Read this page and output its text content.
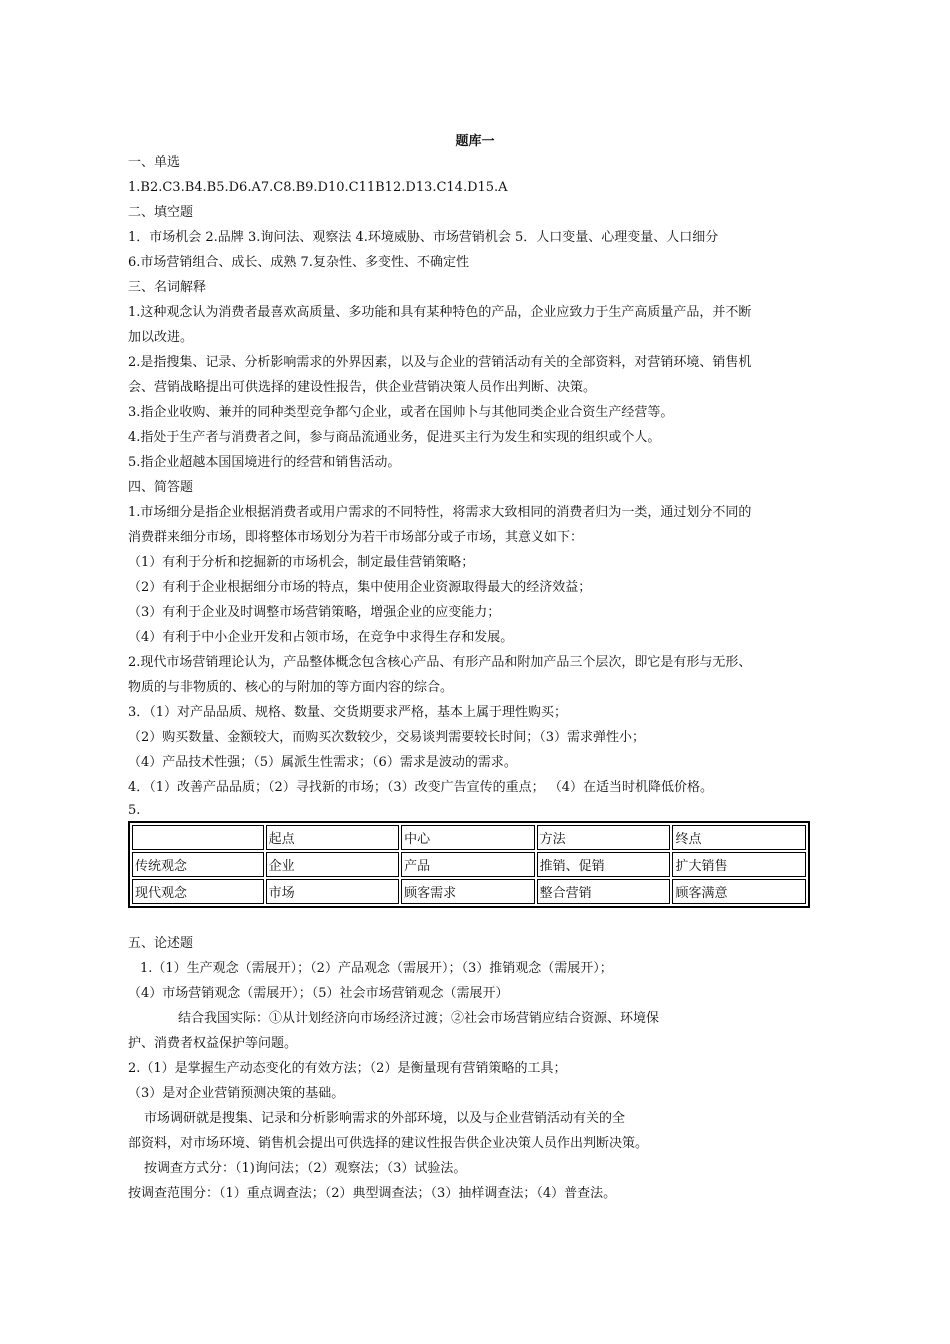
题库一
一、单选
1.B2.C3.B4.B5.D6.A7.C8.B9.D10.C11B12.D13.C14.D15.A
二、填空题
1．市场机会 2.品牌 3.询问法、观察法 4.环境威胁、市场营销机会 5．人口变量、心理变量、人口细分
6.市场营销组合、成长、成熟 7.复杂性、多变性、不确定性
三、名词解释
1.这种观念认为消费者最喜欢高质量、多功能和具有某种特色的产品，企业应致力于生产高质量产品，并不断
加以改进。
2.是指搜集、记录、分析影响需求的外界因素，以及与企业的营销活动有关的全部资料，对营销环境、销售机
会、营销战略提出可供选择的建设性报告，供企业营销决策人员作出判断、决策。
3.指企业收购、兼并的同种类型竞争都勺企业，或者在国帅卜与其他同类企业合资生产经营等。
4.指处于生产者与消费者之间，参与商品流通业务，促进买主行为发生和实现的组织或个人。
5.指企业超越本国国境进行的经营和销售活动。
四、简答题
1.市场细分是指企业根据消费者或用户需求的不同特性，将需求大致相同的消费者归为一类，通过划分不同的
消费群来细分市场，即将整体市场划分为若干市场部分或子市场，其意义如下：
（1）有利于分析和挖掘新的市场机会，制定最佳营销策略；
（2）有利于企业根据细分市场的特点，集中使用企业资源取得最大的经济效益；
（3）有利于企业及时调整市场营销策略，增强企业的应变能力；
（4）有利于中小企业开发和占领市场，在竞争中求得生存和发展。
2.现代市场营销理论认为，产品整体概念包含核心产品、有形产品和附加产品三个层次，即它是有形与无形、
物质的与非物质的、核心的与附加的等方面内容的综合。
3．（1）对产品品质、规格、数量、交货期要求严格，基本上属于理性购买；
（2）购买数量、金额较大，而购买次数较少，交易谈判需要较长时间；（3）需求弹性小；
（4）产品技术性强；（5）属派生性需求；（6）需求是波动的需求。
4．（1）改善产品品质；（2）寻找新的市场；（3）改变广告宣传的重点； （4）在适当时机降低价格。
5.
	起点	中心	方法	终点
传统观念	企业	产品	推销、促销	扩大销售
现代观念	市场	顾客需求	整合营销	顾客满意
五、论述题
1.（1）生产观念（需展开）；（2）产品观念（需展开）；（3）推销观念（需展开）；
（4）市场营销观念（需展开）；（5）社会市场营销观念（需展开）
结合我国实际：①从计划经济向市场经济过渡；②社会市场营销应结合资源、环境保
护、消费者权益保护等问题。
2.（1）是掌握生产动态变化的有效方法；（2）是衡量现有营销策略的工具；
（3）是对企业营销预测决策的基础。
市场调研就是搜集、记录和分析影响需求的外部环境，以及与企业营销活动有关的全
部资料，对市场环境、销售机会提出可供选择的建议性报告供企业决策人员作出判断决策。
按调查方式分：（1)询问法；（2）观察法；（3）试验法。
按调查范围分：（1）重点调查法；（2）典型调查法；（3）抽样调查法；（4）普查法。
